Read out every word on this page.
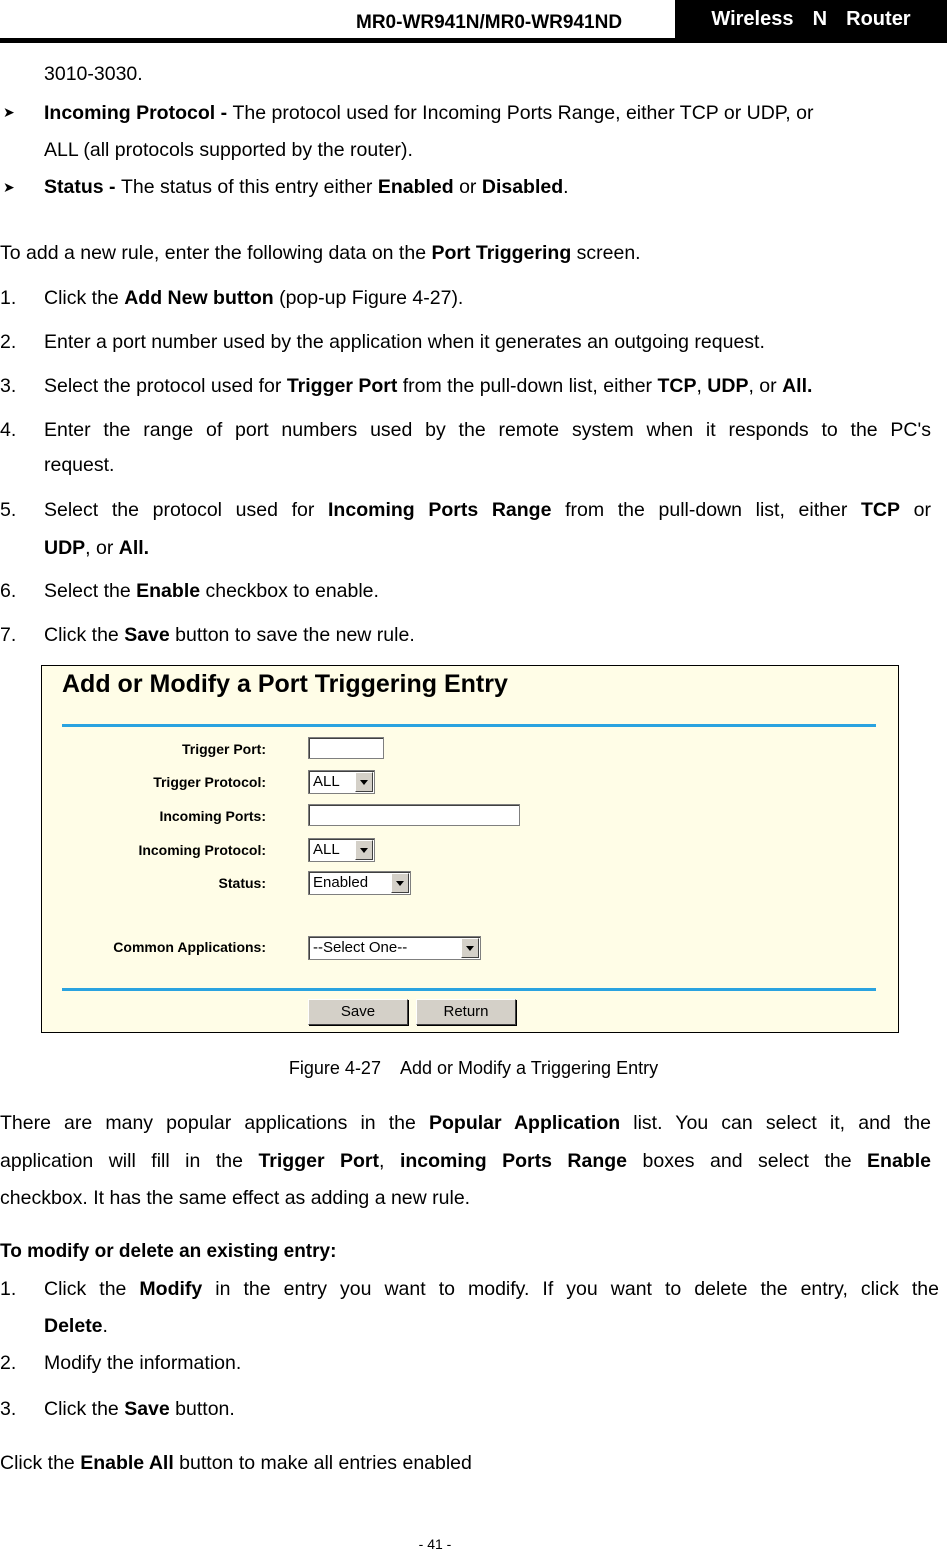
MR0-WR941N/MR0-WR941ND	Wireless  N  Router
3010-3030.
➤ Incoming Protocol - The protocol used for Incoming Ports Range, either TCP or UDP, or
ALL (all protocols supported by the router).
➤ Status - The status of this entry either Enabled or Disabled.
To add a new rule, enter the following data on the Port Triggering screen.
1. Click the Add New button (pop-up Figure 4-27).
2. Enter a port number used by the application when it generates an outgoing request.
3. Select the protocol used for Trigger Port from the pull-down list, either TCP, UDP, or All.
4. Enter the range of port numbers used by the remote system when it responds to the PC's
request.
5. Select the protocol used for Incoming Ports Range from the pull-down list, either TCP or
UDP, or All.
6. Select the Enable checkbox to enable.
7. Click the Save button to save the new rule.
Add or Modify a Port Triggering Entry
Trigger Port:
Trigger Protocol:	ALL
Incoming Ports:
Incoming Protocol:	ALL
Status:	Enabled
Common Applications:	--Select One--
Save	Return
Figure 4-27    Add or Modify a Triggering Entry
There are many popular applications in the Popular Application list. You can select it, and the
application will fill in the Trigger Port, incoming Ports Range boxes and select the Enable
checkbox. It has the same effect as adding a new rule.
To modify or delete an existing entry:
1. Click the Modify in the entry you want to modify. If you want to delete the entry, click the
Delete.
2. Modify the information.
3. Click the Save button.
Click the Enable All button to make all entries enabled
- 41 -
